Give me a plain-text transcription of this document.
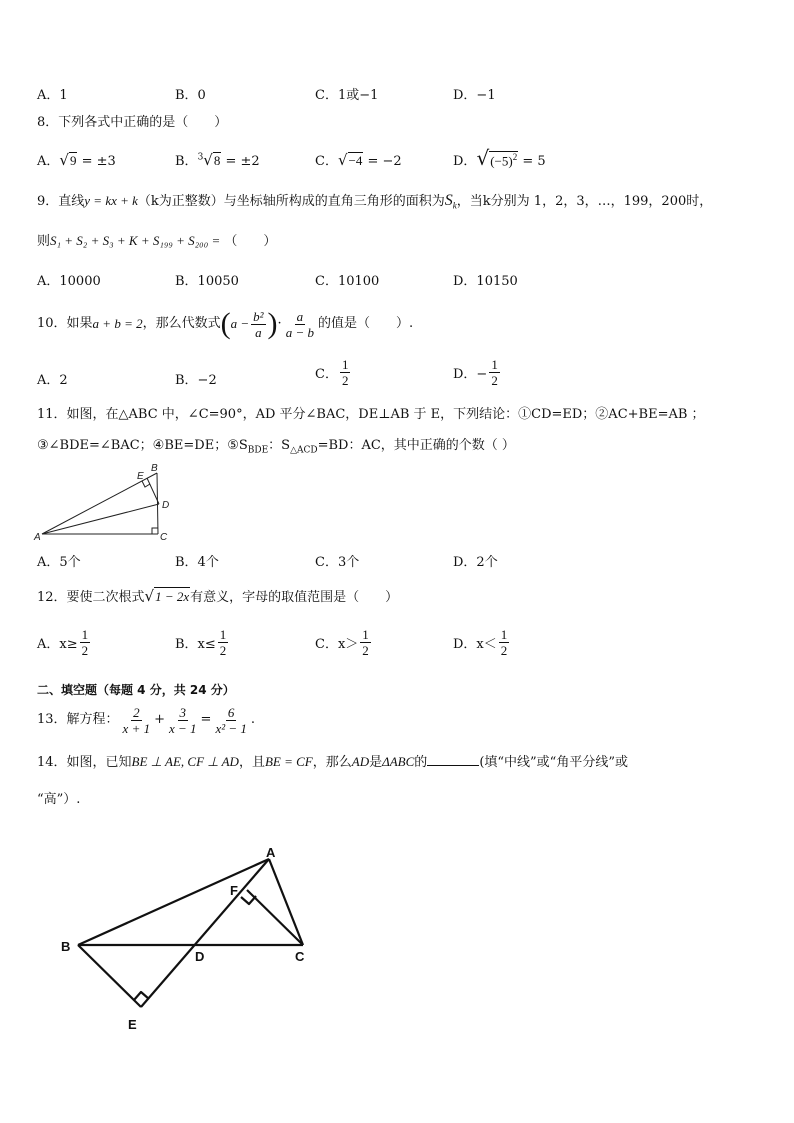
A．1	B．0	C．1或−1	D．−1
8．下列各式中正确的是（　　）
A．√9 = ±3	B．$^3$√8 = ±2	C．√−4 = −2	D．$√(-5)^2 = 5$
9．直线y = kx + k（k为正整数）与坐标轴所构成的直角三角形的面积为$S_k$，当k分别为 1，2，3，…，199，200时，
则S₁ + S₂ + S₃ + K + S₁₉₉ + S₂₀₀ = （　　）
A．10000	B．10050	C．10100	D．10150
10．如果 a + b = 2 ，那么代数式 ( $a - \frac{\text{b²}}{a}$ ) · $\frac{a}{a - b}$ 的值是（　　）.
A．2	B．−2	C． $\frac{1}{2}$	D．− $\frac{1}{2}$
11．如图，在△ABC 中，∠C=90°，AD 平分∠BAC，DE⊥AB 于 E，下列结论：①CD=ED；②AC+BE=AB ；
③∠BDE=∠BAC；④BE=DE；$⑤S_{BDE}$：$S_{\triangle ACD}=BD$：AC，其中正确的个数（ ）
E
B
D
A	C
A．5个	B．4个	C．3个	D．2个
12．要使二次根式√1 − 2x有意义，字母的取值范围是（　　）
A．$x\ge \frac{1}{2}$	B．$x\le \frac{1}{2}$	C．$x> \frac{1}{2}$	D．$x< \frac{1}{2}$
二、填空题（每题 4 分，共 24 分）
13．解方程： $\frac{2}{x + 1} + \frac{3}{x - 1} = \frac{6}{\text{x² − 1}}$ .
14．如图，已知BE ⊥ AE, CF ⊥ AD，且BE = CF，那么AD是ΔABC的	(填“中线”或“角平分线”或
“高”）.
A
F
B
D	C
E
